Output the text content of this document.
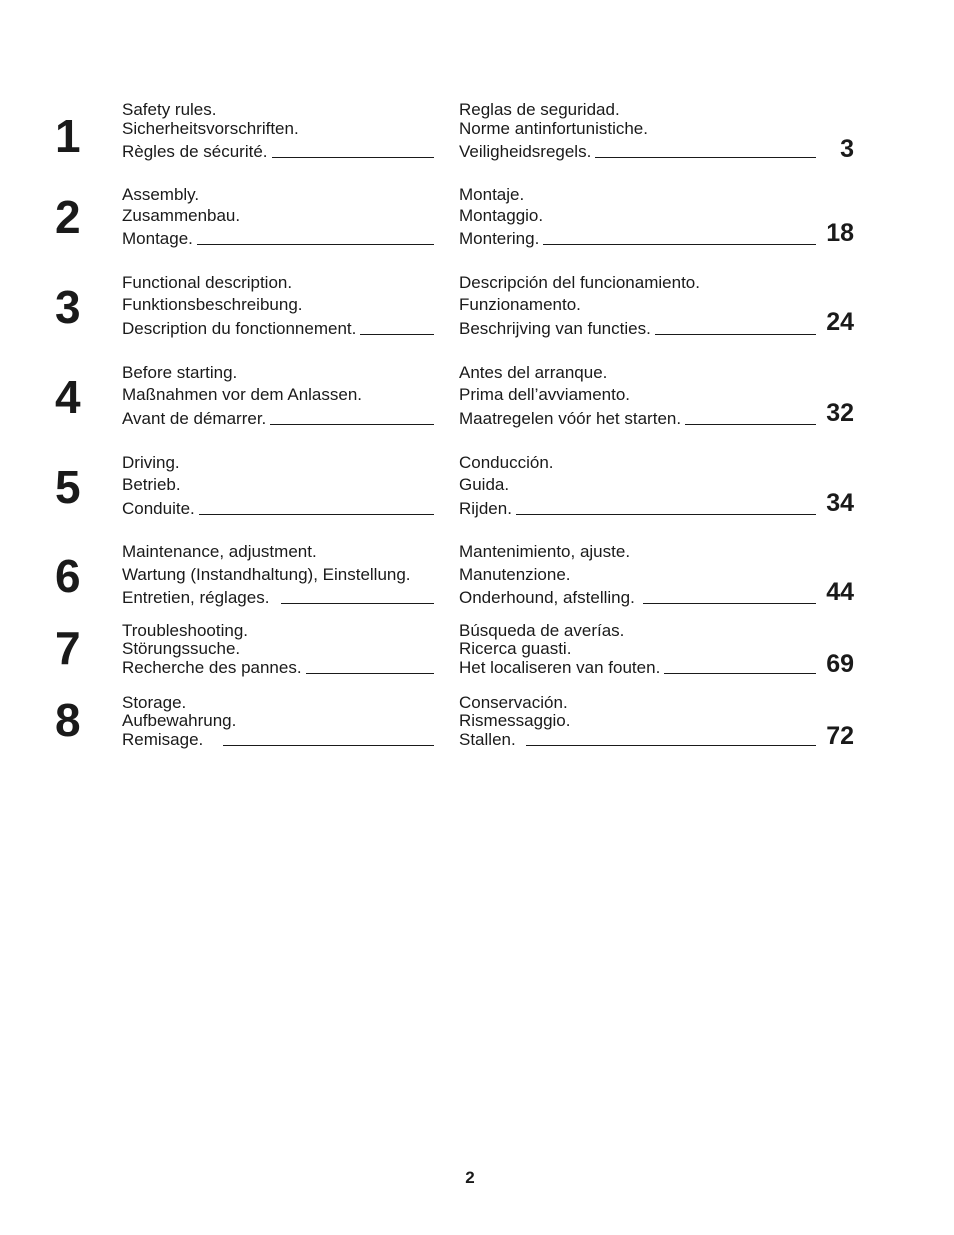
1
Safety rules.
Sicherheitsvorschriften.
Règles de sécurité.
Reglas de seguridad.
Norme antinfortunistiche.
Veiligheidsregels.	3
2	Assembly.
Zusammenbau.
Montage.
Montaje.
Montaggio.
Montering.	18
3	Functional description.
Funktionsbeschreibung.
Description du fonctionnement.
Descripción del funcionamiento.
Funzionamento.
Beschrijving van functies.	24
4	Before starting.
Maßnahmen vor dem Anlassen.
Avant de démarrer.
Antes del arranque.
Prima dell’avviamento.
Maatregelen vóór het starten.	32
5	Driving.
Betrieb.
Conduite.
Conducción.
Guida.
Rijden.	34
6	Maintenance, adjustment.
Wartung (Instandhaltung), Einstellung.
Entretien, réglages.
Mantenimiento, ajuste.
Manutenzione.
Onderhound, afstelling.	44
7	Troubleshooting.
Störungssuche.
Recherche des pannes.
Búsqueda de averías.
Ricerca guasti.
Het localiseren van fouten.	69
8	Storage.
Aufbewahrung.
Remisage.
Conservación.
Rismessaggio.
Stallen.	72
2
